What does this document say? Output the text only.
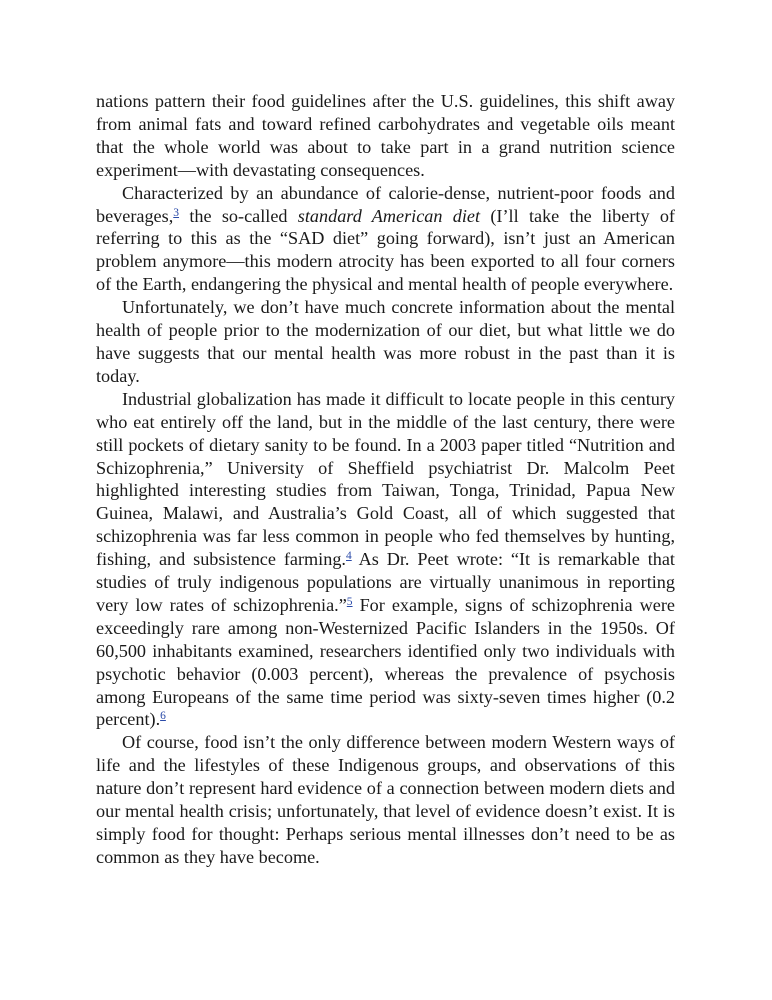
nations pattern their food guidelines after the U.S. guidelines, this shift away from animal fats and toward refined carbohydrates and vegetable oils meant that the whole world was about to take part in a grand nutrition science experiment—with devastating consequences.

Characterized by an abundance of calorie-dense, nutrient-poor foods and beverages,$^3$ the so-called standard American diet (I’ll take the liberty of referring to this as the “SAD diet” going forward), isn’t just an American problem anymore—this modern atrocity has been exported to all four corners of the Earth, endangering the physical and mental health of people everywhere.

Unfortunately, we don’t have much concrete information about the mental health of people prior to the modernization of our diet, but what little we do have suggests that our mental health was more robust in the past than it is today.

Industrial globalization has made it difficult to locate people in this century who eat entirely off the land, but in the middle of the last century, there were still pockets of dietary sanity to be found. In a 2003 paper titled “Nutrition and Schizophrenia,” University of Sheffield psychiatrist Dr. Malcolm Peet highlighted interesting studies from Taiwan, Tonga, Trinidad, Papua New Guinea, Malawi, and Australia’s Gold Coast, all of which suggested that schizophrenia was far less common in people who fed themselves by hunting, fishing, and subsistence farming.$^4$ As Dr. Peet wrote: “It is remarkable that studies of truly indigenous populations are virtually unanimous in reporting very low rates of schizophrenia.”$^5$ For example, signs of schizophrenia were exceedingly rare among non-Westernized Pacific Islanders in the 1950s. Of 60,500 inhabitants examined, researchers identified only two individuals with psychotic behavior (0.003 percent), whereas the prevalence of psychosis among Europeans of the same time period was sixty-seven times higher (0.2 percent).$^6$

Of course, food isn’t the only difference between modern Western ways of life and the lifestyles of these Indigenous groups, and observations of this nature don’t represent hard evidence of a connection between modern diets and our mental health crisis; unfortunately, that level of evidence doesn’t exist. It is simply food for thought: Perhaps serious mental illnesses don’t need to be as common as they have become.
